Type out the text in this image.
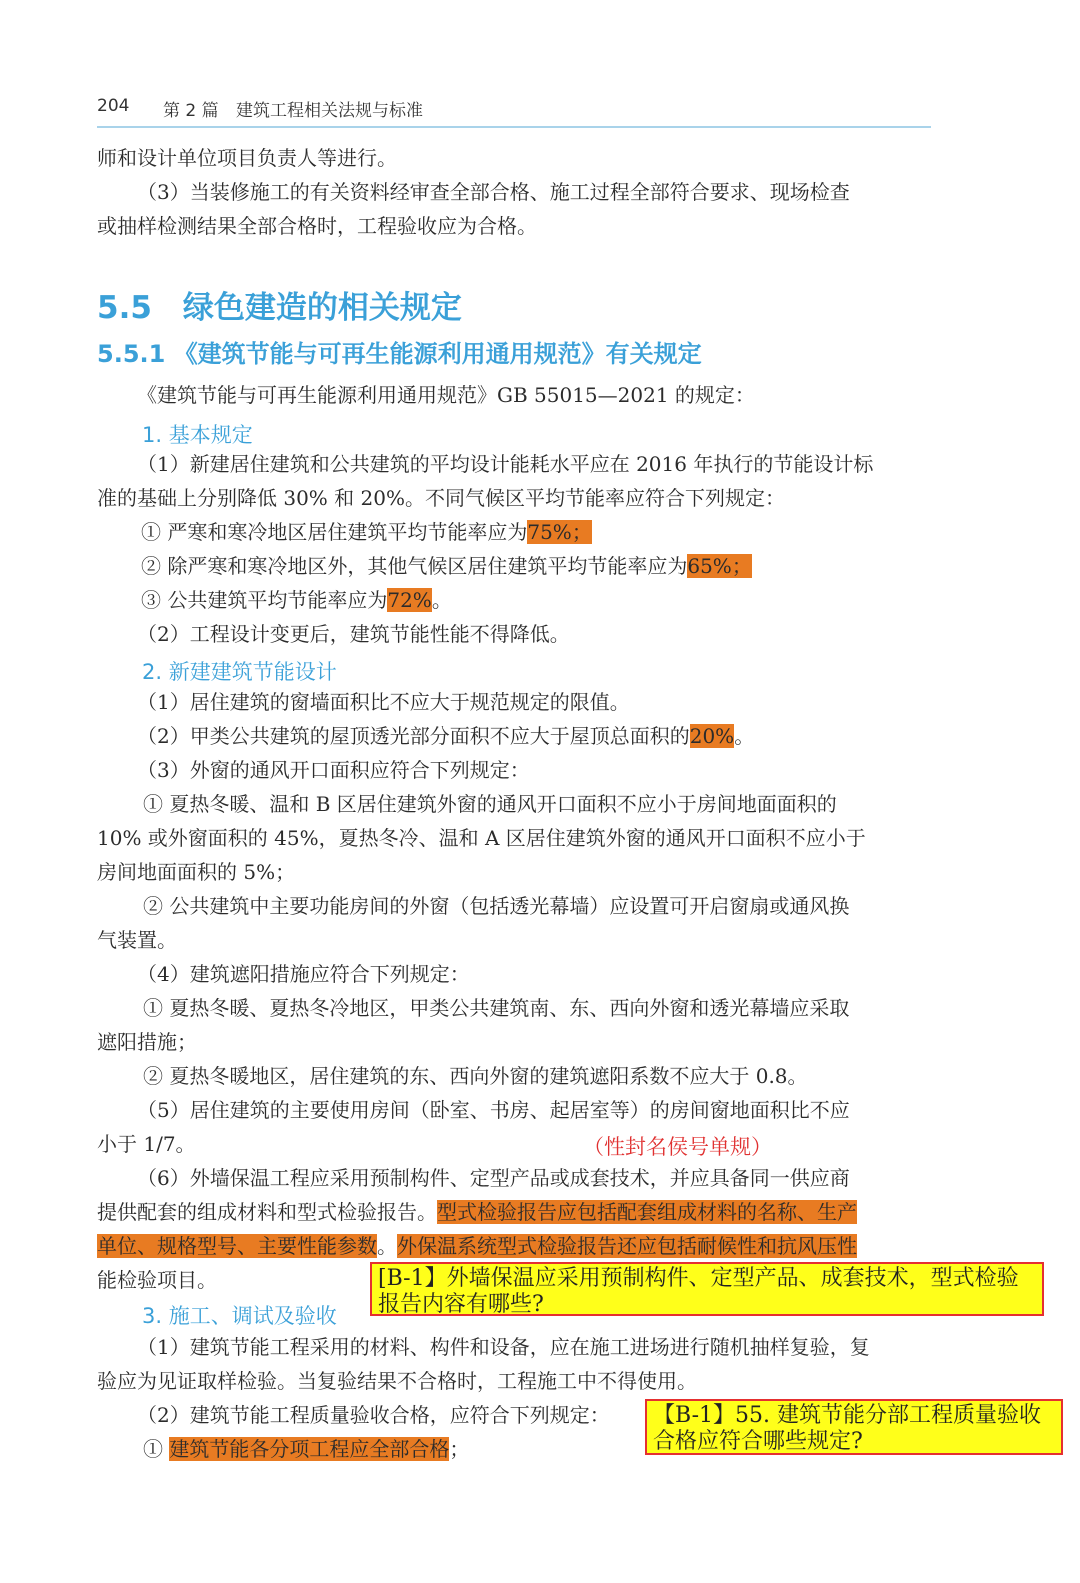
204 第 2 篇 建筑工程相关法规与标准
师和设计单位项目负责人等进行。
（3）当装修施工的有关资料经审查全部合格、施工过程全部符合要求、现场检查
或抽样检测结果全部合格时，工程验收应为合格。
5.5　绿色建造的相关规定
5.5.1 《建筑节能与可再生能源利用通用规范》有关规定
《建筑节能与可再生能源利用通用规范》GB 55015—2021 的规定：
1. 基本规定
（1）新建居住建筑和公共建筑的平均设计能耗水平应在 2016 年执行的节能设计标
准的基础上分别降低 30% 和 20%。不同气候区平均节能率应符合下列规定：
① 严寒和寒冷地区居住建筑平均节能率应为75%；
② 除严寒和寒冷地区外，其他气候区居住建筑平均节能率应为65%；
③ 公共建筑平均节能率应为72%。
（2）工程设计变更后，建筑节能性能不得降低。
2. 新建建筑节能设计
（1）居住建筑的窗墙面积比不应大于规范规定的限值。
（2）甲类公共建筑的屋顶透光部分面积不应大于屋顶总面积的20%。
（3）外窗的通风开口面积应符合下列规定：
① 夏热冬暖、温和 B 区居住建筑外窗的通风开口面积不应小于房间地面面积的
10% 或外窗面积的 45%，夏热冬冷、温和 A 区居住建筑外窗的通风开口面积不应小于
房间地面面积的 5%；
② 公共建筑中主要功能房间的外窗（包括透光幕墙）应设置可开启窗扇或通风换
气装置。
（4）建筑遮阳措施应符合下列规定：
① 夏热冬暖、夏热冬冷地区，甲类公共建筑南、东、西向外窗和透光幕墙应采取
遮阳措施；
② 夏热冬暖地区，居住建筑的东、西向外窗的建筑遮阳系数不应大于 0.8。
（5）居住建筑的主要使用房间（卧室、书房、起居室等）的房间窗地面积比不应
小于 1/7。	（性封名侯号单规）
（6）外墙保温工程应采用预制构件、定型产品或成套技术，并应具备同一供应商
提供配套的组成材料和型式检验报告。型式检验报告应包括配套组成材料的名称、生产
单位、规格型号、主要性能参数。外保温系统型式检验报告还应包括耐候性和抗风压性
能检验项目。	[B-1】外墙保温应采用预制构件、定型产品、成套技术，型式检验报告内容有哪些?
3. 施工、调试及验收
（1）建筑节能工程采用的材料、构件和设备，应在施工进场进行随机抽样复验，复
验应为见证取样检验。当复验结果不合格时，工程施工中不得使用。
（2）建筑节能工程质量验收合格，应符合下列规定：
① 建筑节能各分项工程应全部合格；
【B-1】55. 建筑节能分部工程质量验收合格应符合哪些规定?
